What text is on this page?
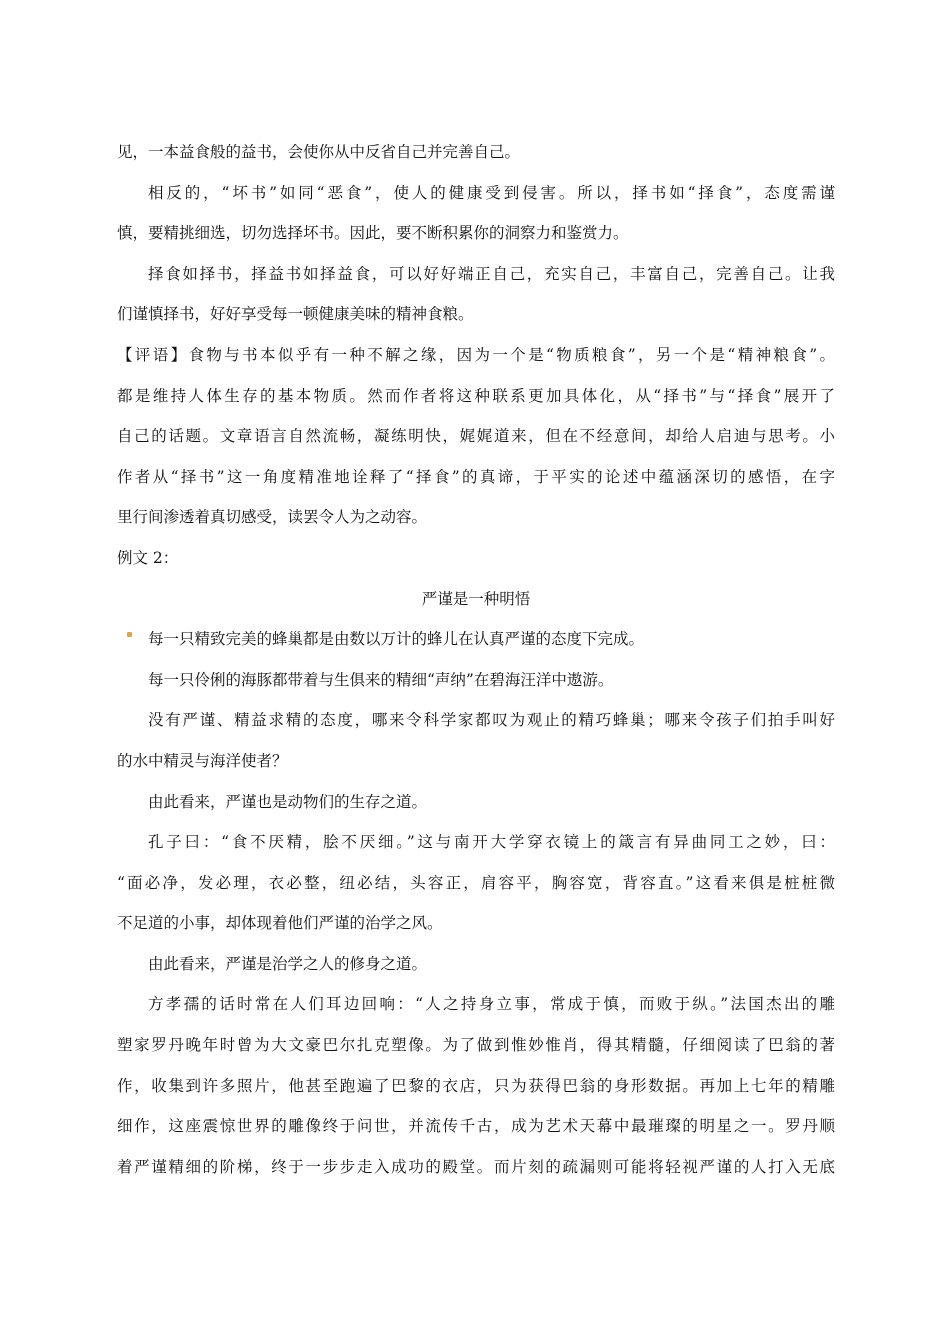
见，一本益食般的益书，会使你从中反省自己并完善自己。
相反的，“坏书”如同“恶食”，使人的健康受到侵害。所以，择书如“择食”，态度需谨
慎，要精挑细选，切勿选择坏书。因此，要不断积累你的洞察力和鉴赏力。
择食如择书，择益书如择益食，可以好好端正自己，充实自己，丰富自己，完善自己。让我
们谨慎择书，好好享受每一顿健康美味的精神食粮。
【评语】食物与书本似乎有一种不解之缘，因为一个是“物质粮食”，另一个是“精神粮食”。
都是维持人体生存的基本物质。然而作者将这种联系更加具体化，从“择书”与“择食”展开了
自己的话题。文章语言自然流畅，凝练明快，娓娓道来，但在不经意间，却给人启迪与思考。小
作者从“择书”这一角度精准地诠释了“择食”的真谛，于平实的论述中蕴涵深切的感悟，在字
里行间渗透着真切感受，读罢令人为之动容。
例文 2：
严谨是一种明悟
每一只精致完美的蜂巢都是由数以万计的蜂儿在认真严谨的态度下完成。
每一只伶俐的海豚都带着与生俱来的精细“声纳”在碧海汪洋中遨游。
没有严谨、精益求精的态度，哪来令科学家都叹为观止的精巧蜂巢；哪来令孩子们拍手叫好
的水中精灵与海洋使者？
由此看来，严谨也是动物们的生存之道。
孔子曰：“食不厌精，脍不厌细。”这与南开大学穿衣镜上的箴言有异曲同工之妙，曰：
“面必净，发必理，衣必整，纽必结，头容正，肩容平，胸容宽，背容直。”这看来俱是桩桩微
不足道的小事，却体现着他们严谨的治学之风。
由此看来，严谨是治学之人的修身之道。
方孝孺的话时常在人们耳边回响：“人之持身立事，常成于慎，而败于纵。”法国杰出的雕
塑家罗丹晚年时曾为大文豪巴尔扎克塑像。为了做到惟妙惟肖，得其精髓，仔细阅读了巴翁的著
作，收集到许多照片，他甚至跑遍了巴黎的衣店，只为获得巴翁的身形数据。再加上七年的精雕
细作，这座震惊世界的雕像终于问世，并流传千古，成为艺术天幕中最璀璨的明星之一。罗丹顺
着严谨精细的阶梯，终于一步步走入成功的殿堂。而片刻的疏漏则可能将轻视严谨的人打入无底
